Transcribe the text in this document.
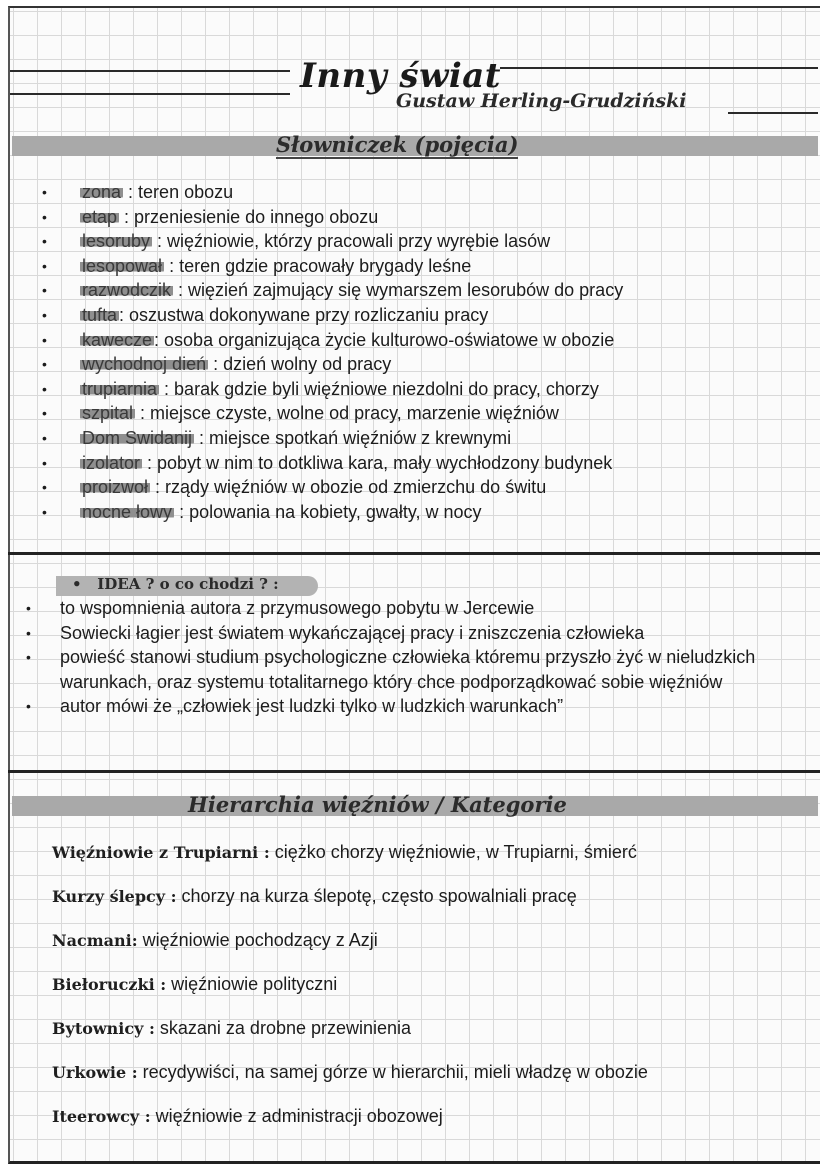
Inny świat
Gustaw Herling-Grudziński
Słowniczek (pojęcia)
• zona : teren obozu
• etap : przeniesienie do innego obozu
• lesoruby : więźniowie, którzy pracowali przy wyrębie lasów
• lesopował : teren gdzie pracowały brygady leśne
• razwodczik : więzień zajmujący się wymarszem lesorubów do pracy
• tufta : oszustwa dokonywane przy rozliczaniu pracy
• kawecze : osoba organizująca życie kulturowo-oświatowe w obozie
• wychodnoj dień : dzień wolny od pracy
• trupiarnia : barak gdzie byli więźniowe niezdolni do pracy, chorzy
• szpital : miejsce czyste, wolne od pracy, marzenie więźniów
• Dom Swidanij : miejsce spotkań więźniów z krewnymi
• izolator : pobyt w nim to dotkliwa kara, mały wychłodzony budynek
• proizwoł : rządy więźniów w obozie od zmierzchu do świtu
• nocne łowy : polowania na kobiety, gwałty, w nocy
• IDEA ? o co chodzi ? :
• to wspomnienia autora z przymusowego pobytu w Jercewie
• Sowiecki łagier jest światem wykańczającej pracy i zniszczenia człowieka
• powieść stanowi studium psychologiczne człowieka któremu przyszło żyć w nieludzkich warunkach, oraz systemu totalitarnego który chce podporządkować sobie więźniów
• autor mówi że „człowiek jest ludzki tylko w ludzkich warunkach”
Hierarchia więźniów / Kategorie
Więźniowie z Trupiarni : ciężko chorzy więźniowie, w Trupiarni, śmierć
Kurzy ślepcy : chorzy na kurza ślepotę, często spowalniali pracę
Nacmani: więźniowie pochodzący z Azji
Biełoruczki : więźniowie polityczni
Bytownicy : skazani za drobne przewinienia
Urkowie : recydywiści, na samej górze w hierarchii, mieli władzę w obozie
Iteerowcy : więźniowie z administracji obozowej
